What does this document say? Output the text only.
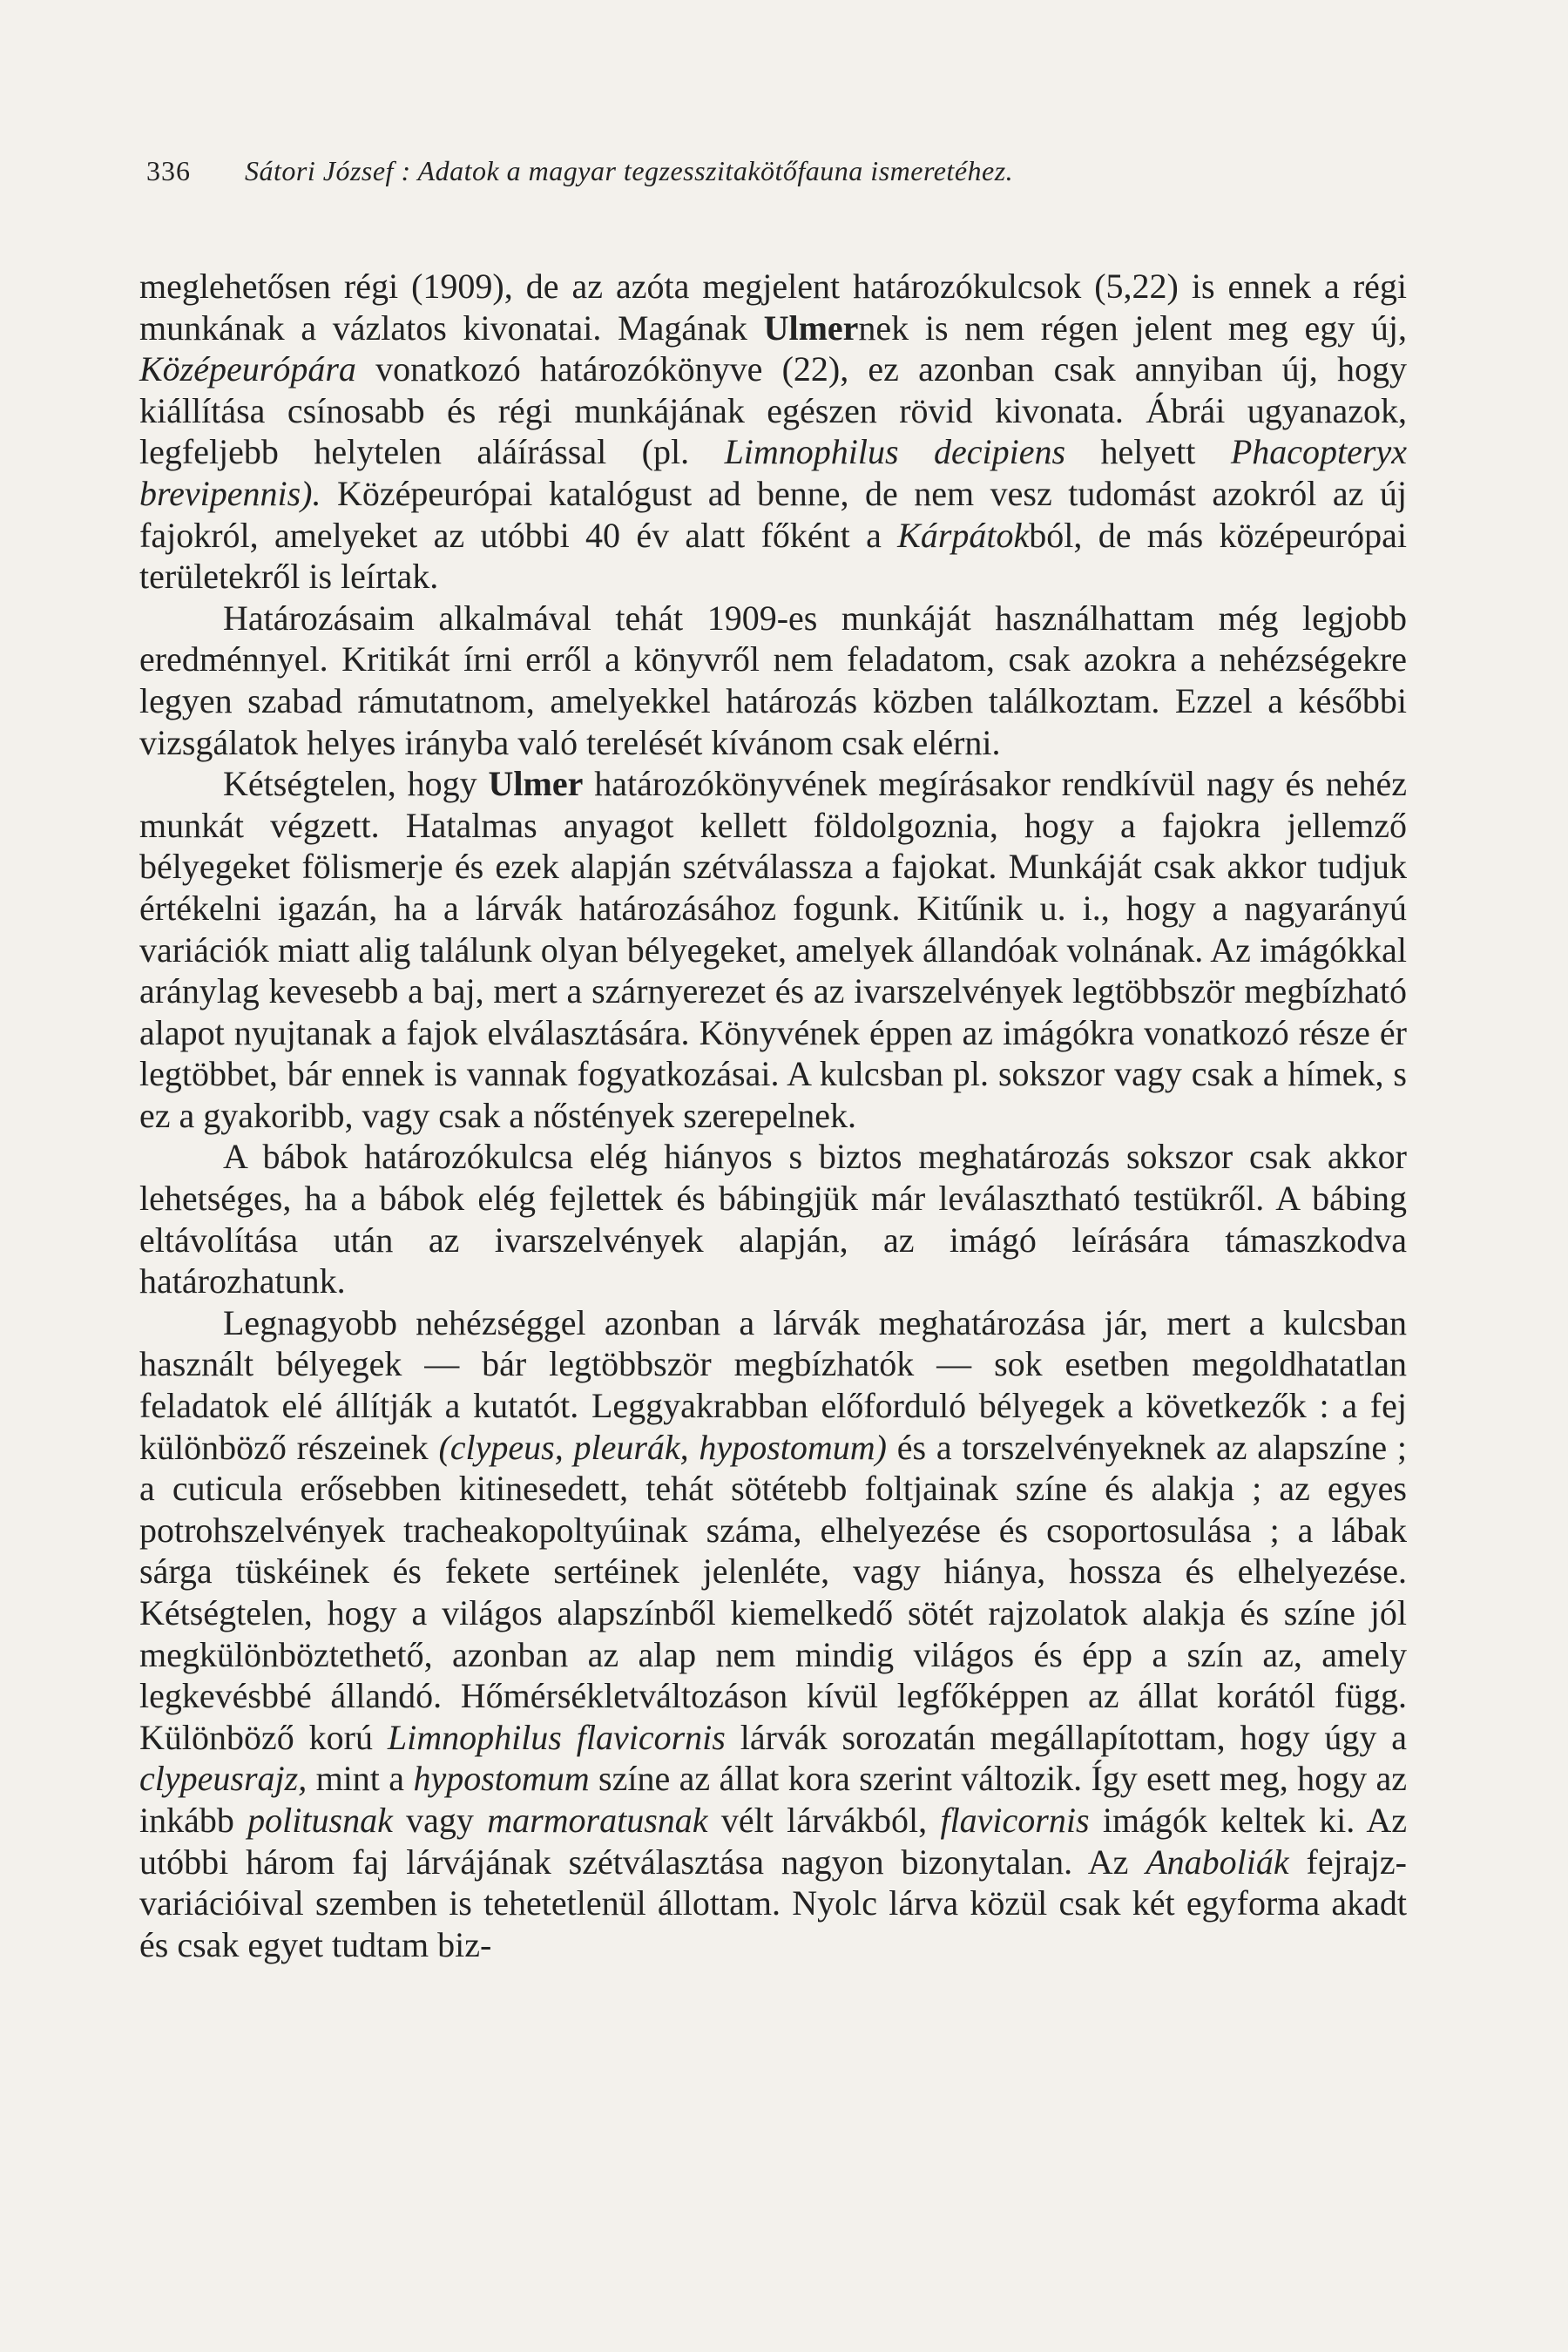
336 Sátori József : Adatok a magyar tegzesszitakötőfauna ismeretéhez.

meglehetősen régi (1909), de az azóta megjelent határozókulcsok (5,22) is ennek a régi munkának a vázlatos kivonatai. Magának Ulmernek is nem régen jelent meg egy új, Középeurópára vonatkozó határozókönyve (22), ez azonban csak annyiban új, hogy kiállítása csínosabb és régi munkájának egészen rövid kivonata. Ábrái ugyanazok, legfeljebb helytelen aláírással (pl. Limnophilus decipiens helyett Phacopteryx brevipennis). Középeurópai katalógust ad benne, de nem vesz tudomást azokról az új fajokról, amelyeket az utóbbi 40 év alatt főként a Kárpátokból, de más középeurópai területekről is leírtak.

Határozásaim alkalmával tehát 1909-es munkáját használhattam még legjobb eredménnyel. Kritikát írni erről a könyvről nem feladatom, csak azokra a nehézségekre legyen szabad rámutatnom, amelyekkel határozás közben találkoztam. Ezzel a későbbi vizsgálatok helyes irányba való terelését kívánom csak elérni.

Kétségtelen, hogy Ulmer határozókönyvének megírásakor rendkívül nagy és nehéz munkát végzett. Hatalmas anyagot kellett földolgoznia, hogy a fajokra jellemző bélyegeket fölismerje és ezek alapján szétválassza a fajokat. Munkáját csak akkor tudjuk értékelni igazán, ha a lárvák határozásához fogunk. Kitűnik u. i., hogy a nagyarányú variációk miatt alig találunk olyan bélyegeket, amelyek állandóak volnának. Az imágókkal aránylag kevesebb a baj, mert a szárnyerezet és az ivarszelvények legtöbbször megbízható alapot nyujtanak a fajok elválasztására. Könyvének éppen az imágókra vonatkozó része ér legtöbbet, bár ennek is vannak fogyatkozásai. A kulcsban pl. sokszor vagy csak a hímek, s ez a gyakoribb, vagy csak a nőstények szerepelnek.

A bábok határozókulcsa elég hiányos s biztos meghatározás sokszor csak akkor lehetséges, ha a bábok elég fejlettek és bábingjük már leválasztható testükről. A bábing eltávolítása után az ivarszelvények alapján, az imágó leírására támaszkodva határozhatunk.

Legnagyobb nehézséggel azonban a lárvák meghatározása jár, mert a kulcsban használt bélyegek — bár legtöbbször megbízhatók — sok esetben megoldhatatlan feladatok elé állítják a kutatót. Leggyakrabban előforduló bélyegek a következők : a fej különböző részeinek (clypeus, pleurák, hypostomum) és a torszelvényeknek az alapszíne ; a cuticula erősebben kitinesedett, tehát sötétebb foltjainak színe és alakja ; az egyes potrohszelvények tracheakopoltyúinak száma, elhelyezése és csoportosulása ; a lábak sárga tüskéinek és fekete sertéinek jelenléte, vagy hiánya, hossza és elhelyezése. Kétségtelen, hogy a világos alapszínből kiemelkedő sötét rajzolatok alakja és színe jól megkülönböztethető, azonban az alap nem mindig világos és épp a szín az, amely legkevésbbé állandó. Hőmérsékletváltozáson kívül legfőképpen az állat korától függ. Különböző korú Limnophilus flavicornis lárvák sorozatán megállapítottam, hogy úgy a clypeusrajz, mint a hypostomum színe az állat kora szerint változik. Így esett meg, hogy az inkább politusnak vagy marmoratusnak vélt lárvákból, flavicornis imágók keltek ki. Az utóbbi három faj lárvájának szétválasztása nagyon bizonytalan. Az Anaboliák fejrajz-variációival szemben is tehetetlenül állottam. Nyolc lárva közül csak két egyforma akadt és csak egyet tudtam biz-
